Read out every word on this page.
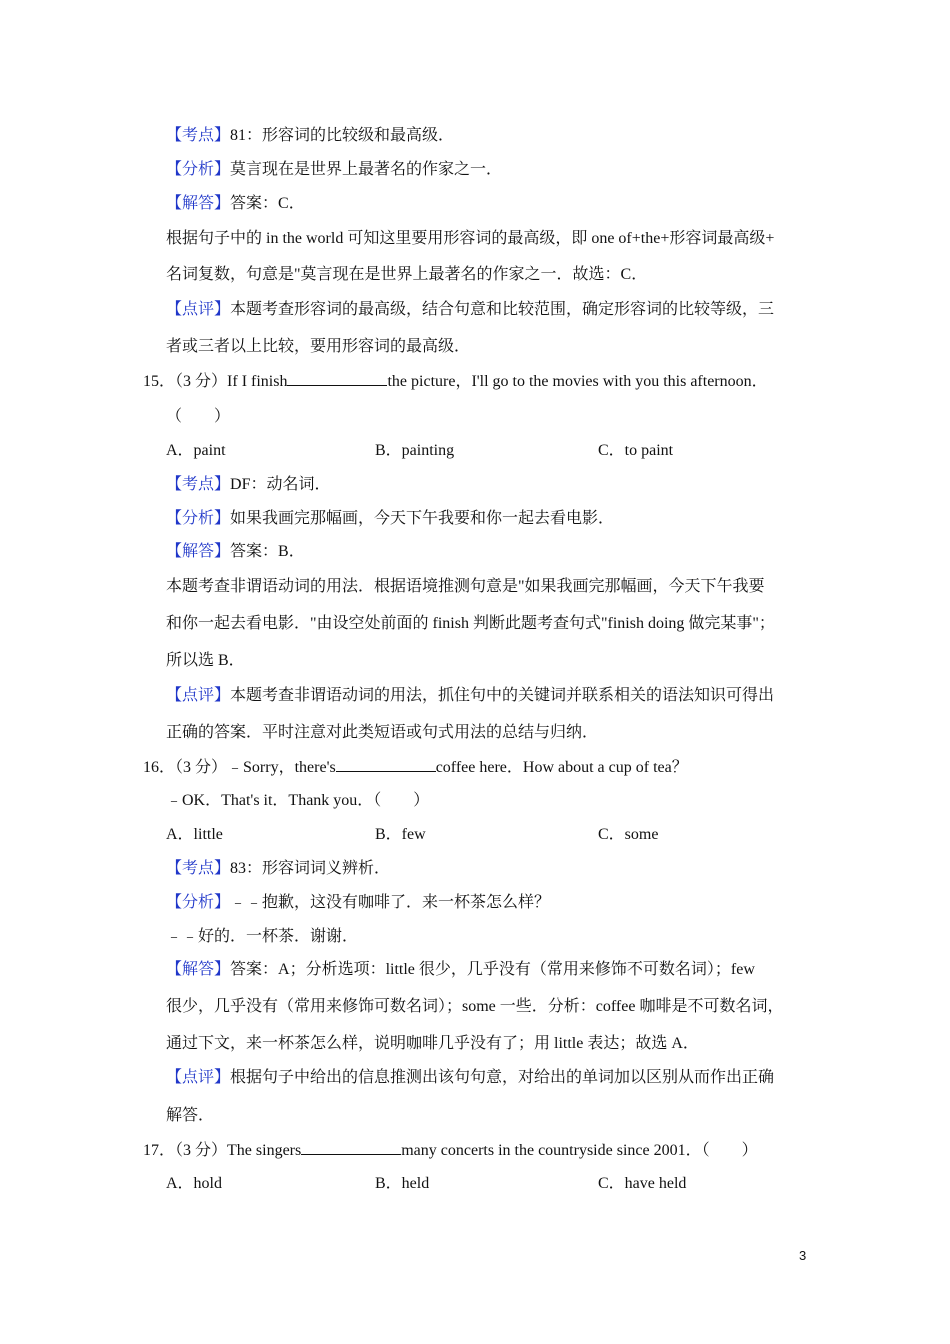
【考点】81：形容词的比较级和最高级．
【分析】莫言现在是世界上最著名的作家之一．
【解答】答案：C．
根据句子中的 in the world 可知这里要用形容词的最高级，即 one of+the+形容词最高级+
名词复数，句意是"莫言现在是世界上最著名的作家之一．故选：C．
【点评】本题考查形容词的最高级，结合句意和比较范围，确定形容词的比较等级，三
者或三者以上比较，要用形容词的最高级．
15．（3 分）If I finish	the picture，I'll go to the movies with you this afternoon．
（　　）
A．paint	B．painting	C．to paint
【考点】DF：动名词．
【分析】如果我画完那幅画，今天下午我要和你一起去看电影．
【解答】答案：B．
本题考查非谓语动词的用法．根据语境推测句意是"如果我画完那幅画，今天下午我要
和你一起去看电影．"由设空处前面的 finish 判断此题考查句式"finish doing 做完某事"；
所以选 B．
【点评】本题考查非谓语动词的用法，抓住句中的关键词并联系相关的语法知识可得出
正确的答案．平时注意对此类短语或句式用法的总结与归纳．
16．（3 分）﹣Sorry，there's	coffee here．How about a cup of tea？
﹣OK．That's it．Thank you．（　　）
A．little	B．few	C．some
【考点】83：形容词词义辨析．
【分析】﹣﹣抱歉，这没有咖啡了．来一杯茶怎么样？
﹣﹣好的．一杯茶．谢谢．
【解答】答案：A；分析选项：little 很少，几乎没有（常用来修饰不可数名词）；few
很少，几乎没有（常用来修饰可数名词）；some 一些．分析：coffee 咖啡是不可数名词，
通过下文，来一杯茶怎么样，说明咖啡几乎没有了；用 little 表达；故选 A．
【点评】根据句子中给出的信息推测出该句句意，对给出的单词加以区别从而作出正确
解答．
17．（3 分）The singers	many concerts in the countryside since 2001．（　　）
A．hold	B．held	C．have held
3
